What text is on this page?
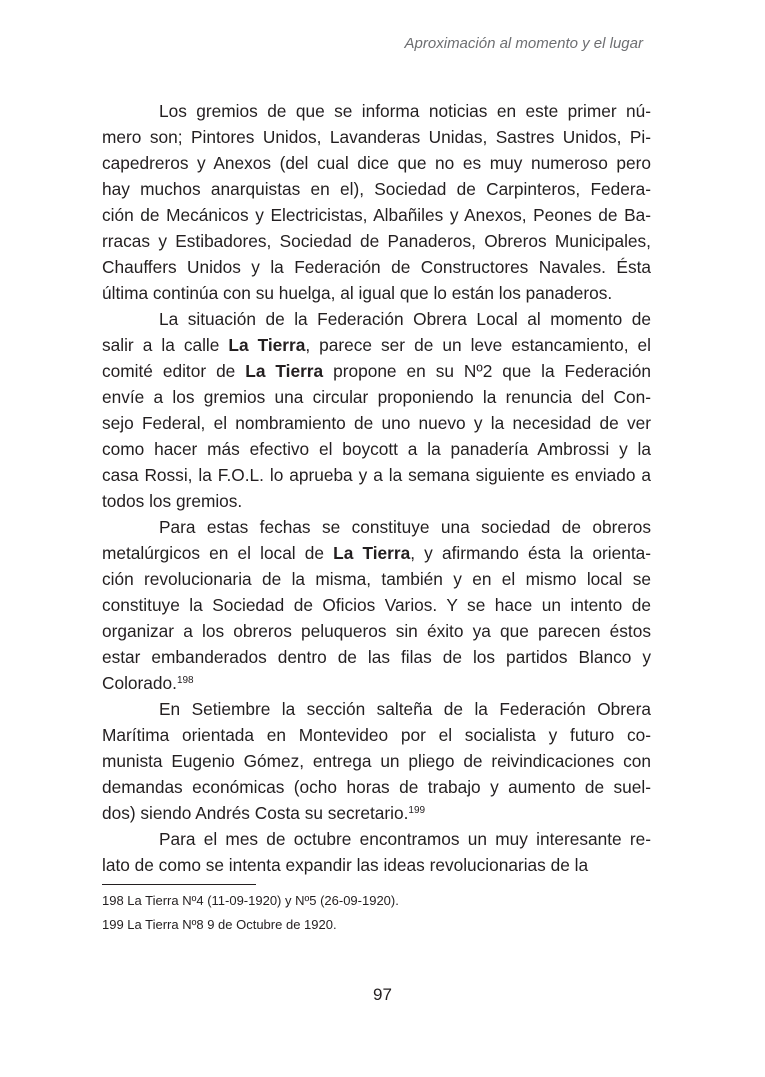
Aproximación al momento y el lugar
Los gremios de que se informa noticias en este primer nú-
mero son; Pintores Unidos, Lavanderas Unidas, Sastres Unidos, Pi-
capedreros y Anexos (del cual dice que no es muy numeroso pero
hay muchos anarquistas en el), Sociedad de Carpinteros, Federa-
ción de Mecánicos y Electricistas, Albañiles y Anexos, Peones de Ba-
rracas y Estibadores, Sociedad de Panaderos, Obreros Municipales,
Chauffers Unidos y la Federación de Constructores Navales. Ésta
última continúa con su huelga, al igual que lo están los panaderos.
La situación de la Federación Obrera Local al momento de
salir a la calle La Tierra, parece ser de un leve estancamiento, el
comité editor de La Tierra propone en su Nº2 que la Federación
envíe a los gremios una circular proponiendo la renuncia del Con-
sejo Federal, el nombramiento de uno nuevo y la necesidad de ver
como hacer más efectivo el boycott a la panadería Ambrossi y la
casa Rossi, la F.O.L. lo aprueba y a la semana siguiente es enviado a
todos los gremios.
Para estas fechas se constituye una sociedad de obreros
metalúrgicos en el local de La Tierra, y afirmando ésta la orienta-
ción revolucionaria de la misma, también y en el mismo local se
constituye la Sociedad de Oficios Varios. Y se hace un intento de
organizar a los obreros peluqueros sin éxito ya que parecen éstos
estar embanderados dentro de las filas de los partidos Blanco y
Colorado.$^{198}$
En Setiembre la sección salteña de la Federación Obrera
Marítima orientada en Montevideo por el socialista y futuro co-
munista Eugenio Gómez, entrega un pliego de reivindicaciones con
demandas económicas (ocho horas de trabajo y aumento de suel-
dos) siendo Andrés Costa su secretario.$^{199}$
Para el mes de octubre encontramos un muy interesante re-
lato de como se intenta expandir las ideas revolucionarias de la
198 La Tierra Nº4 (11-09-1920) y Nº5 (26-09-1920).
199 La Tierra Nº8 9 de Octubre de 1920.
97
